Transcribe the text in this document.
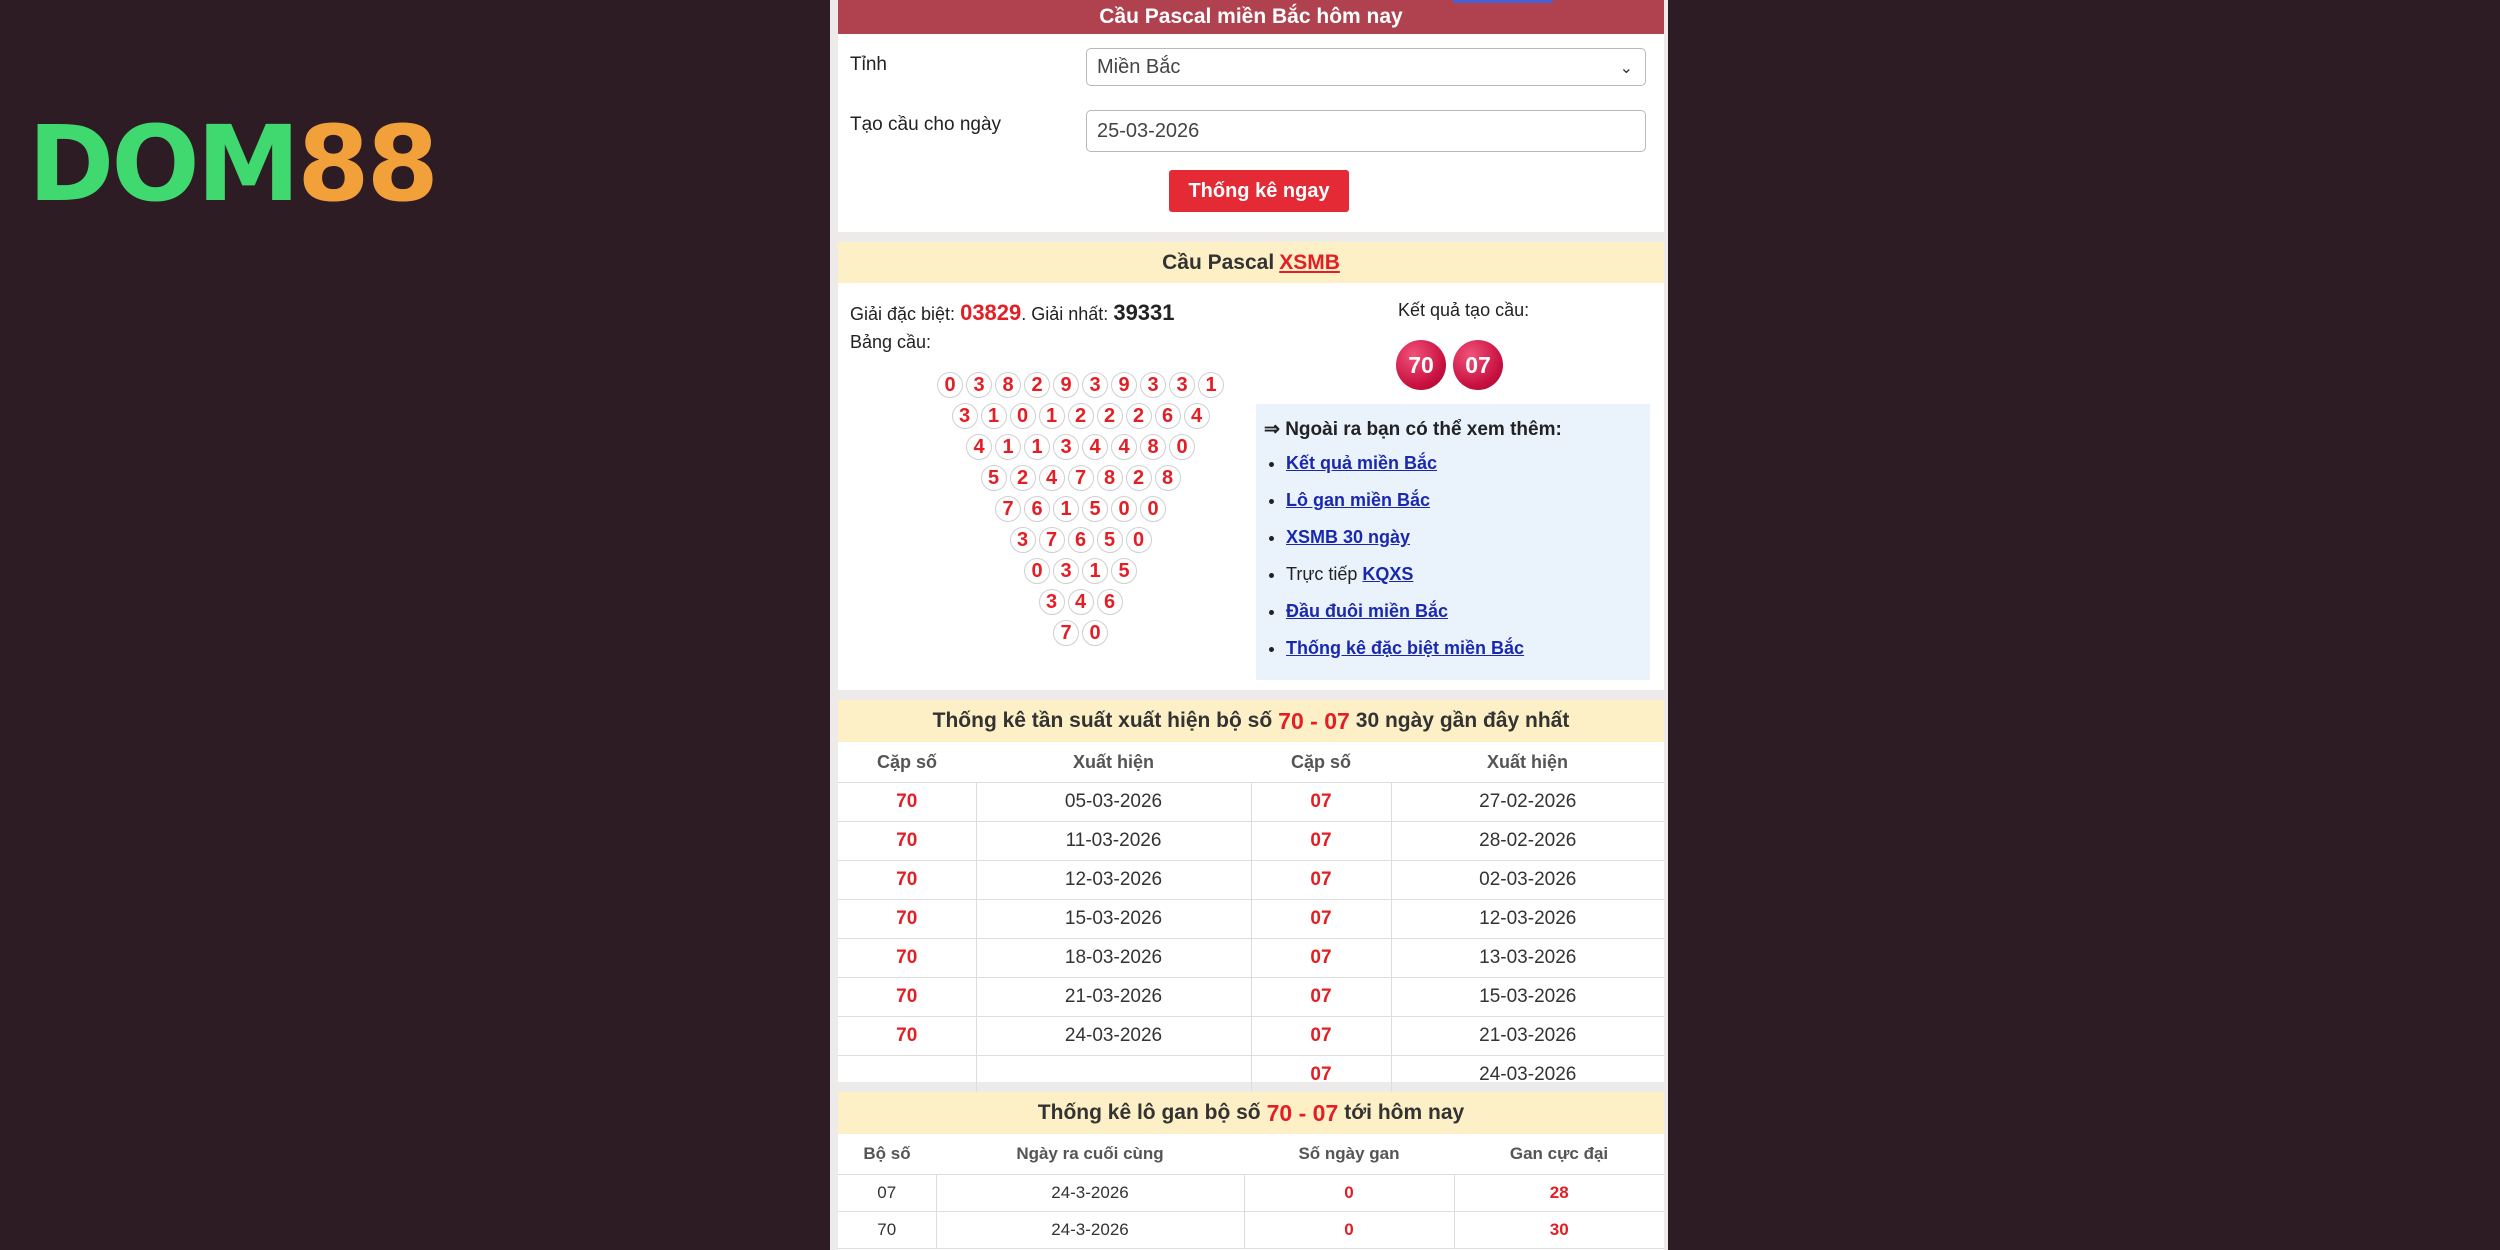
DOM 88
Cầu Pascal miền Bắc hôm nay
Tỉnh	Miền Bắc	⌄
Tạo cầu cho ngày	25-03-2026
Thống kê ngay
Cầu Pascal XSMB
Giải đặc biệt: 03829. Giải nhất: 39331
Bảng cầu:
0 3 8 2 9 3 9 3 3 1
3 1 0 1 2 2 2 6 4
4 1 1 3 4 4 8 0
5 2 4 7 8 2 8
7 6 1 5 0 0
3 7 6 5 0
0 3 1 5
3 4 6
7 0
Kết quả tạo cầu:
70	07
⇒ Ngoài ra bạn có thể xem thêm:
• Kết quả miền Bắc
• Lô gan miền Bắc
• XSMB 30 ngày
• Trực tiếp KQXS
• Đầu đuôi miền Bắc
• Thống kê đặc biệt miền Bắc
Thống kê tần suất xuất hiện bộ số 70 - 07 30 ngày gần đây nhất
Cặp số	Xuất hiện	Cặp số	Xuất hiện
70	05-03-2026	07	27-02-2026
70	11-03-2026	07	28-02-2026
70	12-03-2026	07	02-03-2026
70	15-03-2026	07	12-03-2026
70	18-03-2026	07	13-03-2026
70	21-03-2026	07	15-03-2026
70	24-03-2026	07	21-03-2026
		07	24-03-2026
Thống kê lô gan bộ số 70 - 07 tới hôm nay
Bộ số	Ngày ra cuối cùng	Số ngày gan	Gan cực đại
07	24-3-2026	0	28
70	24-3-2026	0	30
